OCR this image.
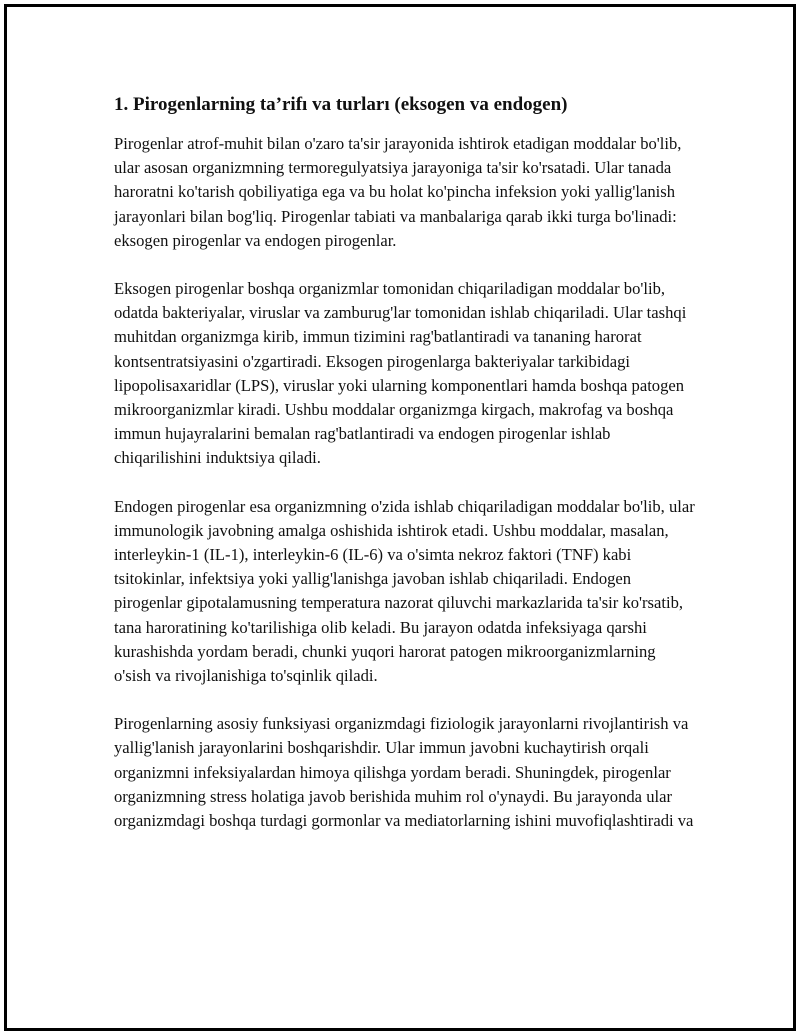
1. Pirogenlarning ta’rifı va turları (eksogen va endogen)

Pirogenlar atrof-muhit bilan o'zaro ta'sir jarayonida ishtirok etadigan moddalar bo'lib, ular asosan organizmning termoregulyatsiya jarayoniga ta'sir ko'rsatadi. Ular tanada haroratni ko'tarish qobiliyatiga ega va bu holat ko'pincha infeksion yoki yallig'lanish jarayonlari bilan bog'liq. Pirogenlar tabiati va manbalariga qarab ikki turga bo'linadi: eksogen pirogenlar va endogen pirogenlar.

Eksogen pirogenlar boshqa organizmlar tomonidan chiqariladigan moddalar bo'lib, odatda bakteriyalar, viruslar va zamburug'lar tomonidan ishlab chiqariladi. Ular tashqi muhitdan organizmga kirib, immun tizimini rag'batlantiradi va tananing harorat kontsentratsiyasini o'zgartiradi. Eksogen pirogenlarga bakteriyalar tarkibidagi lipopolisaxaridlar (LPS), viruslar yoki ularning komponentlari hamda boshqa patogen mikroorganizmlar kiradi. Ushbu moddalar organizmga kirgach, makrofag va boshqa immun hujayralarini bemalan rag'batlantiradi va endogen pirogenlar ishlab chiqarilishini induktsiya qiladi.

Endogen pirogenlar esa organizmning o'zida ishlab chiqariladigan moddalar bo'lib, ular immunologik javobning amalga oshishida ishtirok etadi. Ushbu moddalar, masalan, interleykin-1 (IL-1), interleykin-6 (IL-6) va o'simta nekroz faktori (TNF) kabi tsitokinlar, infektsiya yoki yallig'lanishga javoban ishlab chiqariladi. Endogen pirogenlar gipotalamusning temperatura nazorat qiluvchi markazlarida ta'sir ko'rsatib, tana haroratining ko'tarilishiga olib keladi. Bu jarayon odatda infeksiyaga qarshi kurashishda yordam beradi, chunki yuqori harorat patogen mikroorganizmlarning o'sish va rivojlanishiga to'sqinlik qiladi.

Pirogenlarning asosiy funksiyasi organizmdagi fiziologik jarayonlarni rivojlantirish va yallig'lanish jarayonlarini boshqarishdir. Ular immun javobni kuchaytirish orqali organizmni infeksiyalardan himoya qilishga yordam beradi. Shuningdek, pirogenlar organizmning stress holatiga javob berishida muhim rol o'ynaydi. Bu jarayonda ular organizmdagi boshqa turdagi gormonlar va mediatorlarning ishini muvofiqlashtiradi va
